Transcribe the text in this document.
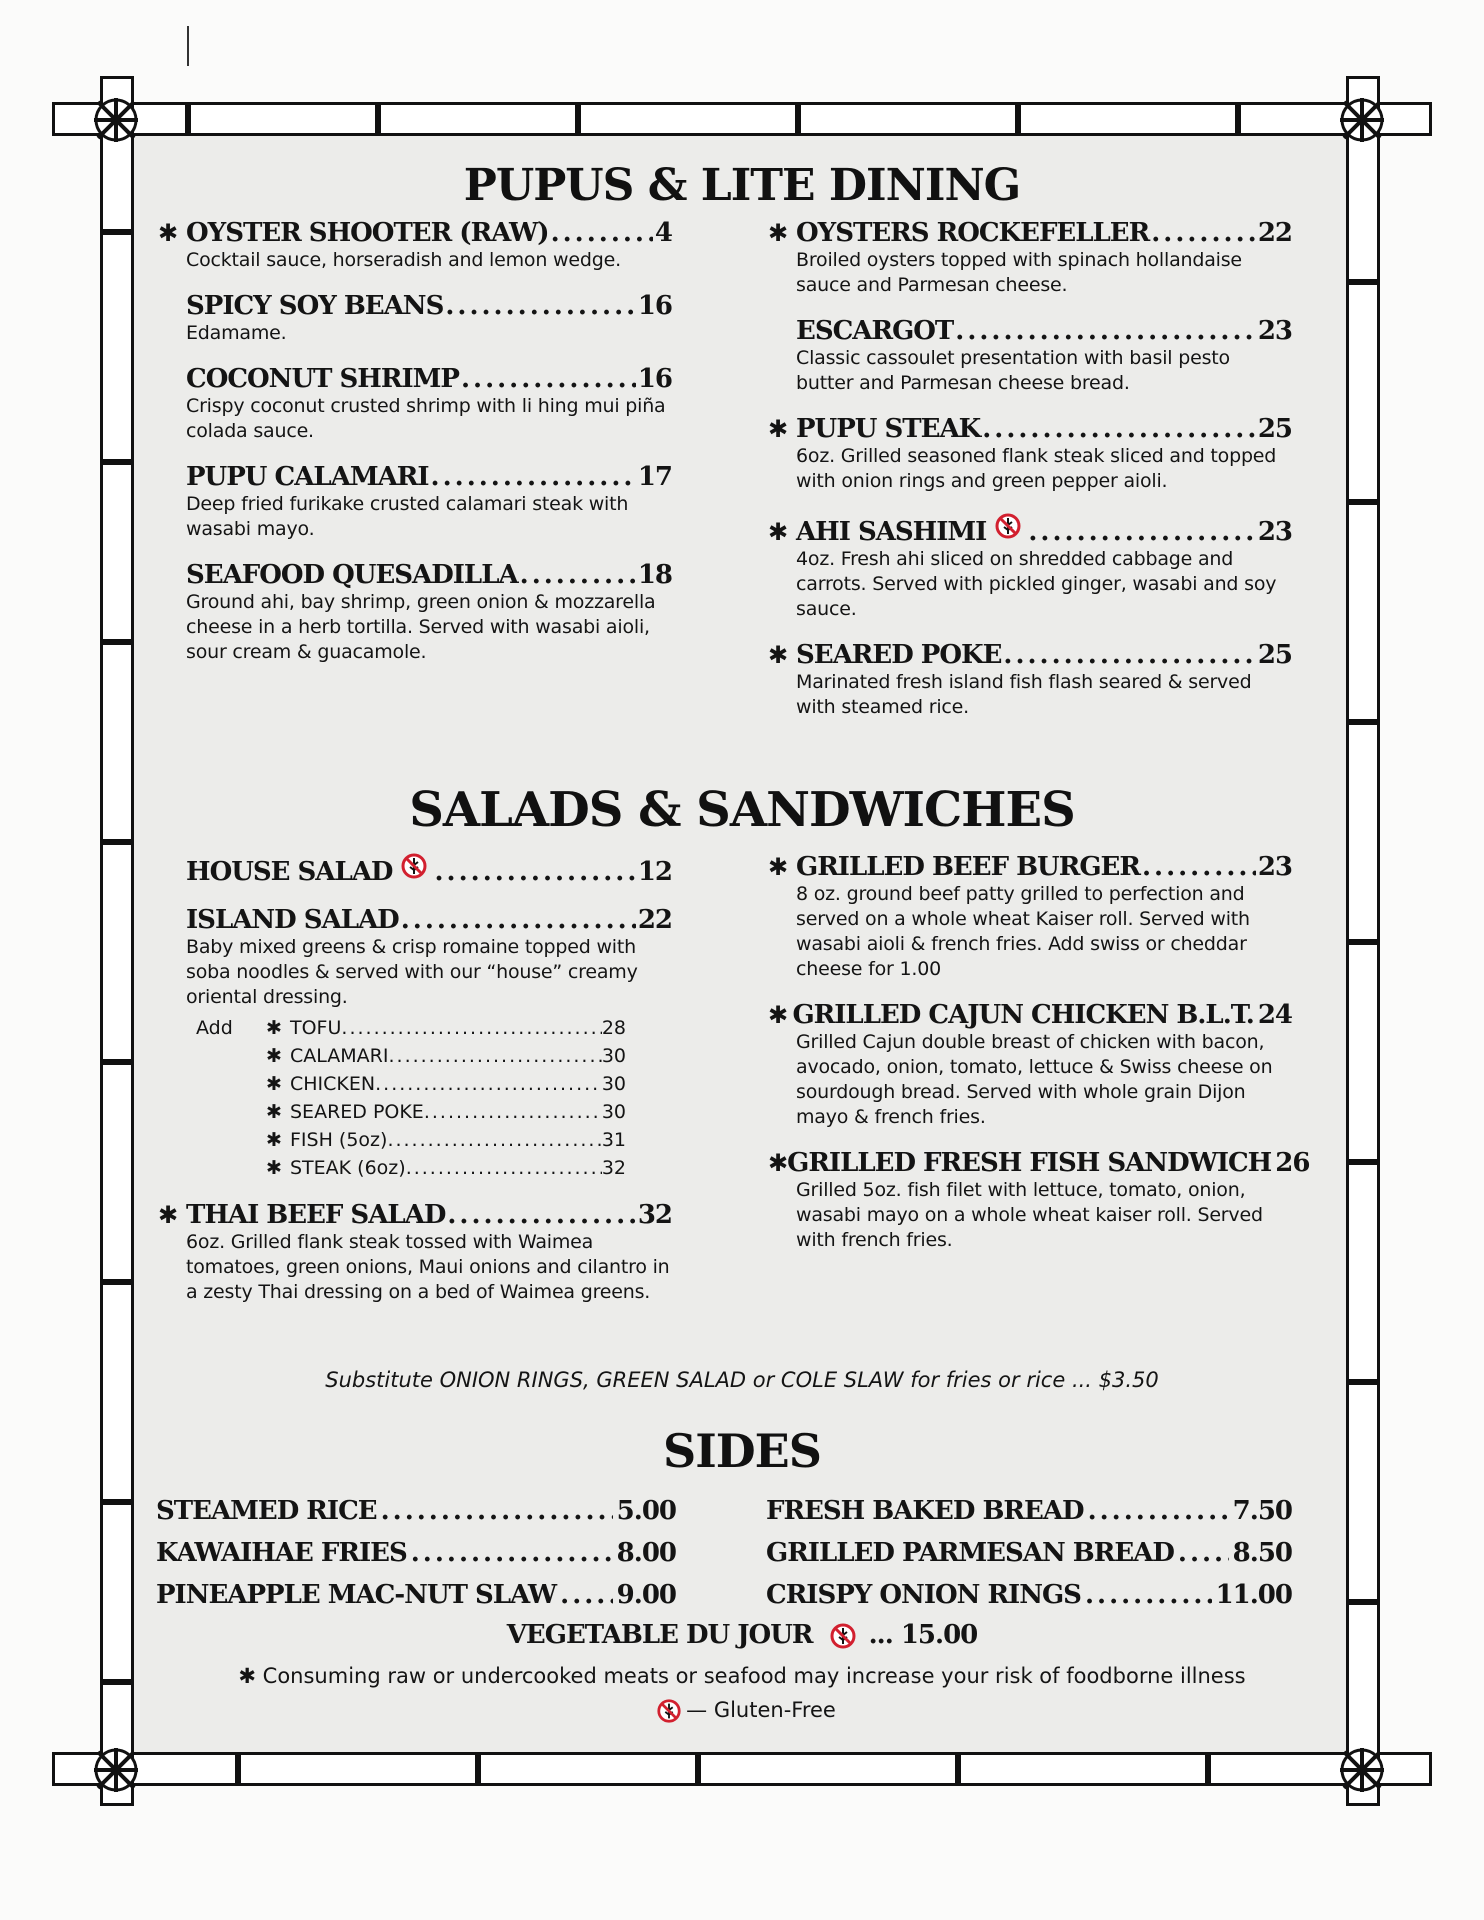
PUPUS & LITE DINING
✱ OYSTER SHOOTER (RAW) .....	4
Cocktail sauce, horseradish and lemon wedge.
SPICY SOY BEANS .....	16
Edamame.
COCONUT SHRIMP .....	16
Crispy coconut crusted shrimp with li hing mui piña colada sauce.
PUPU CALAMARI .....	17
Deep fried furikake crusted calamari steak with wasabi mayo.
SEAFOOD QUESADILLA .....	18
Ground ahi, bay shrimp, green onion & mozzarella cheese in a herb tortilla. Served with wasabi aioli, sour cream & guacamole.
✱ OYSTERS ROCKEFELLER .....	22
Broiled oysters topped with spinach hollandaise sauce and Parmesan cheese.
ESCARGOT .....	23
Classic cassoulet presentation with basil pesto butter and Parmesan cheese bread.
✱ PUPU STEAK .....	25
6oz. Grilled seasoned flank steak sliced and topped with onion rings and green pepper aioli.
✱ AHI SASHIMI .....	23
4oz. Fresh ahi sliced on shredded cabbage and carrots. Served with pickled ginger, wasabi and soy sauce.
✱ SEARED POKE .....	25
Marinated fresh island fish flash seared & served with steamed rice.
SALADS & SANDWICHES
HOUSE SALAD .....	12
ISLAND SALAD .....	22
Baby mixed greens & crisp romaine topped with soba noodles & served with our “house” creamy oriental dressing.
Add	✱ TOFU .....	28
✱ CALAMARI .....	30
✱ CHICKEN .....	30
✱ SEARED POKE .....	30
✱ FISH (5oz) .....	31
✱ STEAK (6oz) .....	32
✱ THAI BEEF SALAD .....	32
6oz. Grilled flank steak tossed with Waimea tomatoes, green onions, Maui onions and cilantro in a zesty Thai dressing on a bed of Waimea greens.
✱ GRILLED BEEF BURGER .....	23
8 oz. ground beef patty grilled to perfection and served on a whole wheat Kaiser roll. Served with wasabi aioli & french fries. Add swiss or cheddar cheese for 1.00
✱ GRILLED CAJUN CHICKEN B.L.T. 24
Grilled Cajun double breast of chicken with bacon, avocado, onion, tomato, lettuce & Swiss cheese on sourdough bread. Served with whole grain Dijon mayo & french fries.
✱ GRILLED FRESH FISH SANDWICH 26
Grilled 5oz. fish filet with lettuce, tomato, onion, wasabi mayo on a whole wheat kaiser roll. Served with french fries.
Substitute ONION RINGS, GREEN SALAD or COLE SLAW for fries or rice ... $3.50
SIDES
STEAMED RICE .....	5.00
KAWAIHAE FRIES .....	8.00
PINEAPPLE MAC-NUT SLAW ..... 9.00
FRESH BAKED BREAD .....	7.50
GRILLED PARMESAN BREAD ..... 8.50
CRISPY ONION RINGS .....	11.00
VEGETABLE DU JOUR ... 15.00
✱ Consuming raw or undercooked meats or seafood may increase your risk of foodborne illness
— Gluten-Free
